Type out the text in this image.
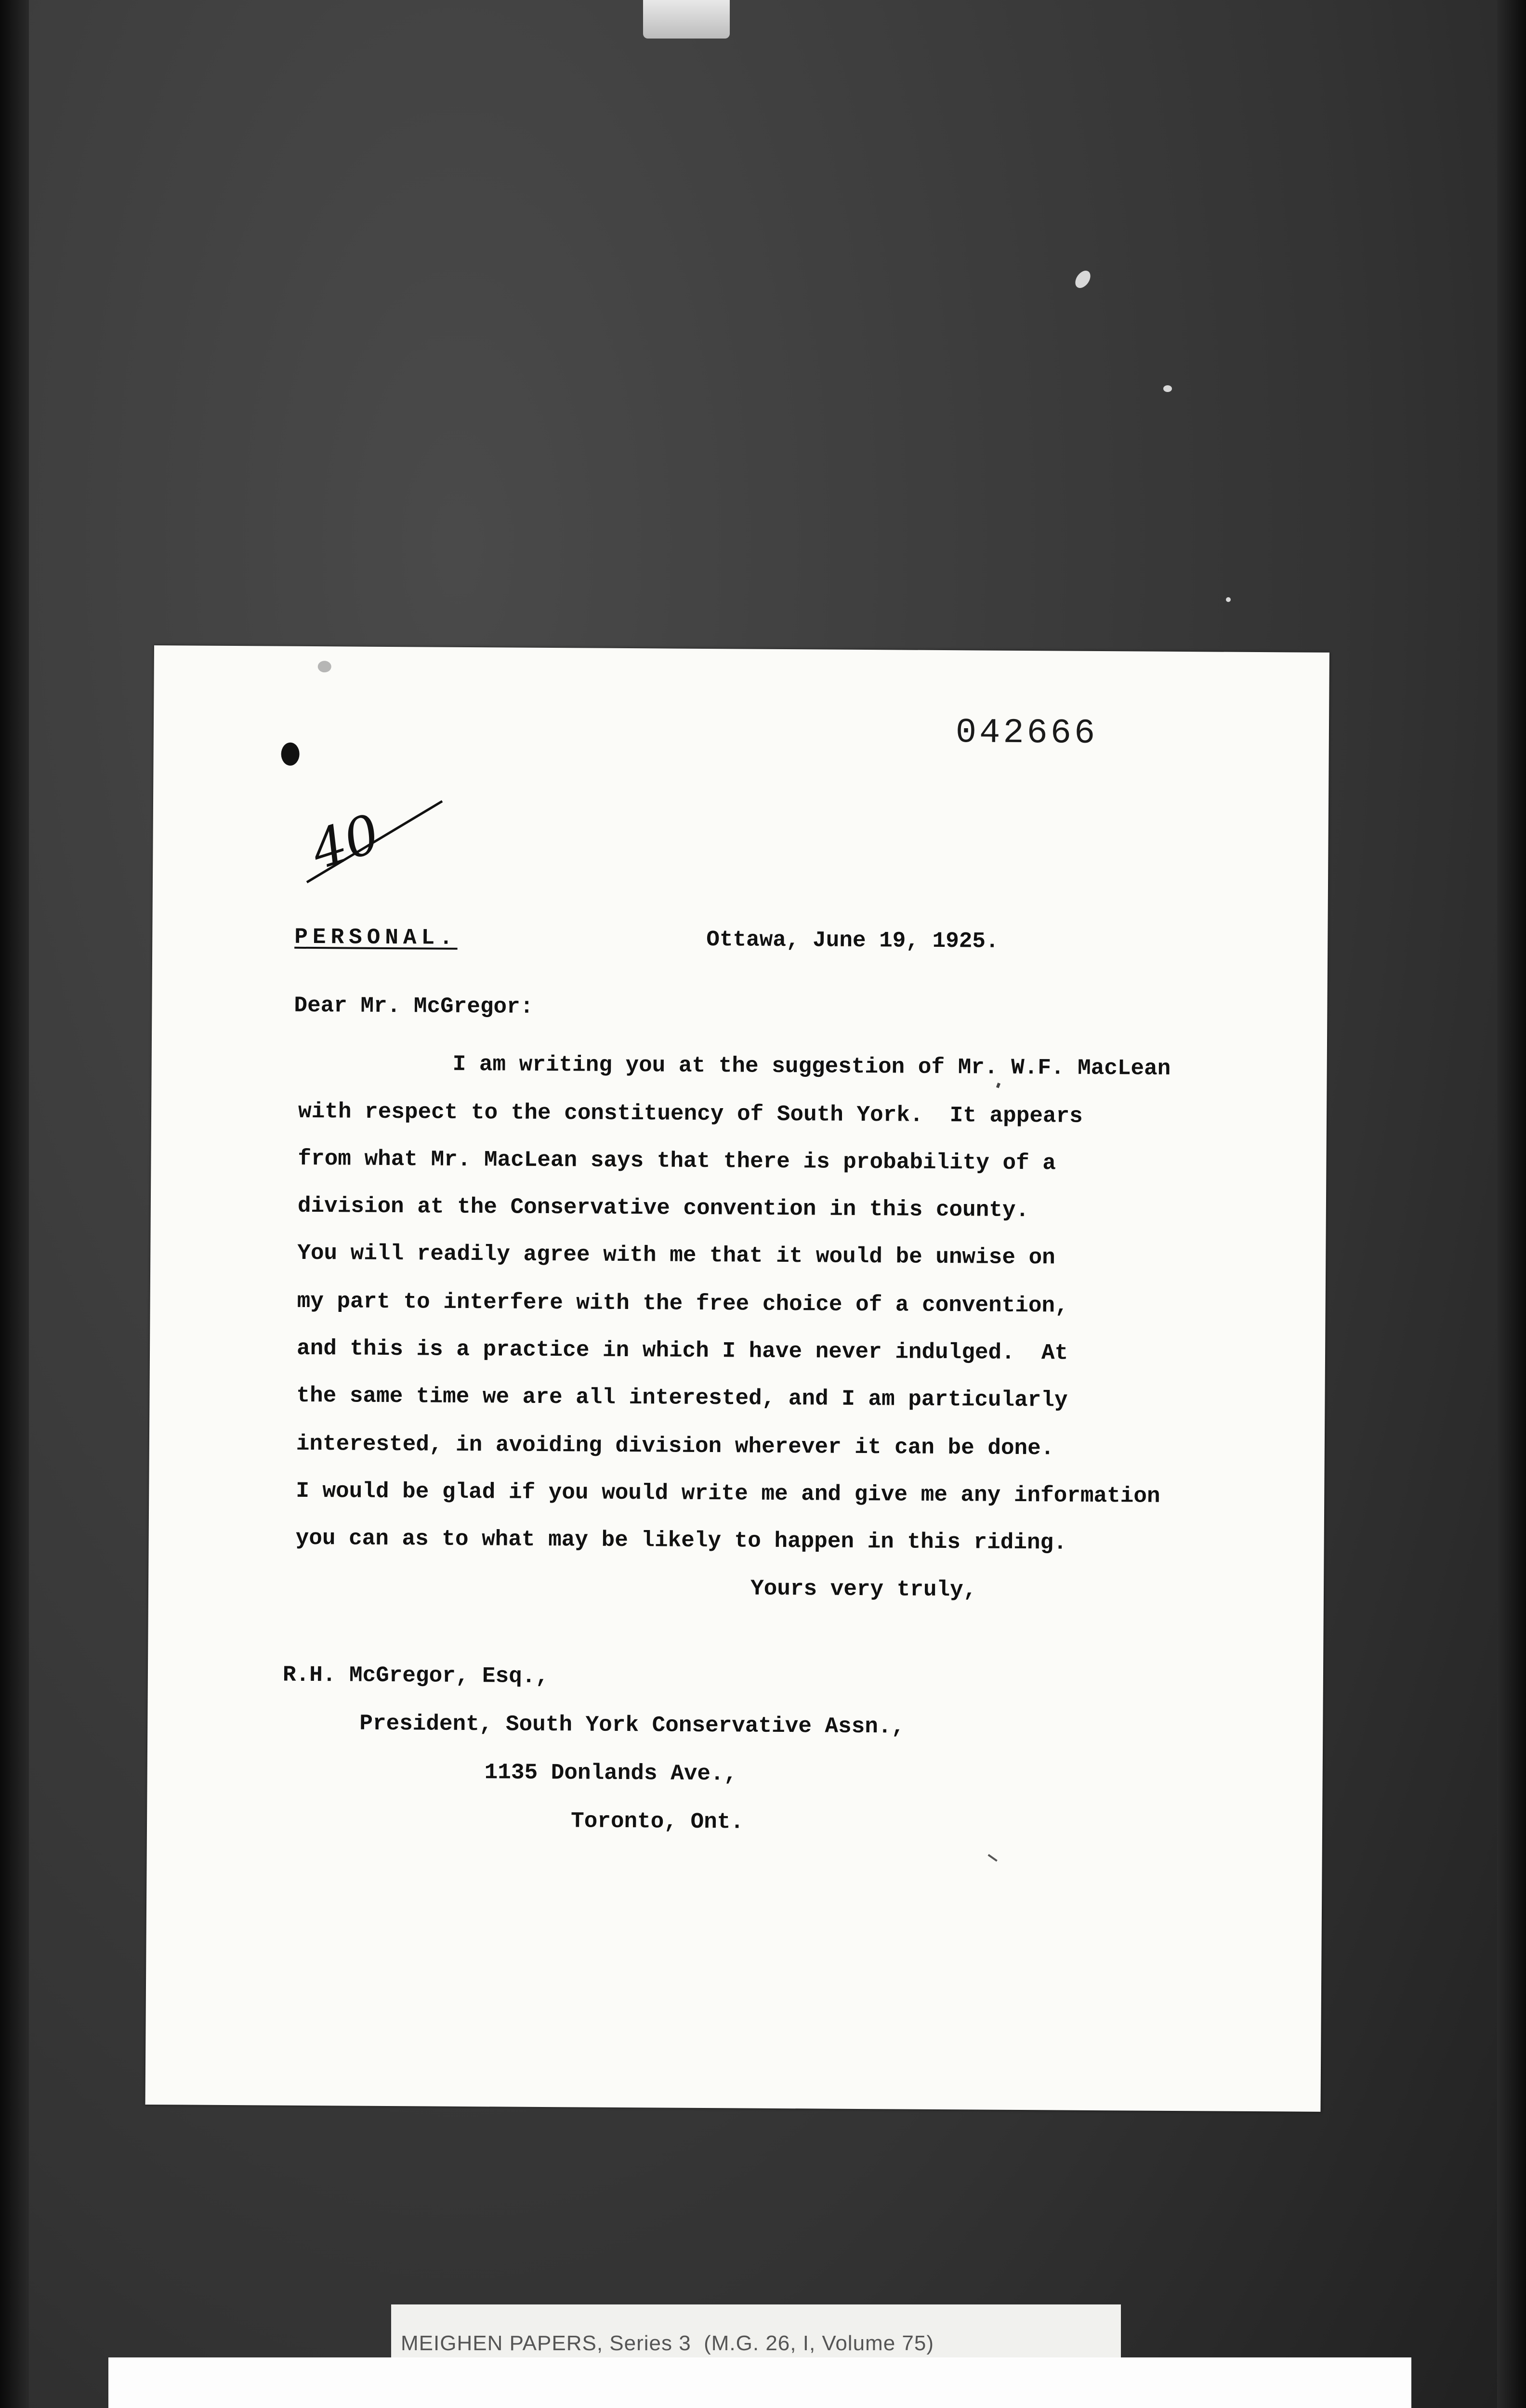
042666
40
PERSONAL.	Ottawa, June 19, 1925.
Dear Mr. McGregor:
I am writing you at the suggestion of Mr. W.F. MacLean
with respect to the constituency of South York.  It appears
from what Mr. MacLean says that there is probability of a
division at the Conservative convention in this county.
You will readily agree with me that it would be unwise on
my part to interfere with the free choice of a convention,
and this is a practice in which I have never indulged.  At
the same time we are all interested, and I am particularly
interested, in avoiding division wherever it can be done.
I would be glad if you would write me and give me any information
you can as to what may be likely to happen in this riding.
Yours very truly,
R.H. McGregor, Esq.,
President, South York Conservative Assn.,
1135 Donlands Ave.,
Toronto, Ont.
MEIGHEN PAPERS, Series 3  (M.G. 26, I, Volume 75)
